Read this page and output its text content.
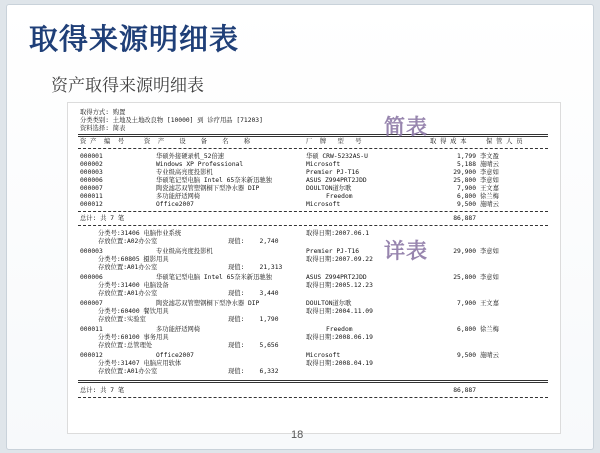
取得来源明细表
资产取得来源明细表
取得方式: 购置
分类类别: 土地及土地改良物 [10000] 到 诊疗用品 [71203]
资料选择: 简表
资 产  编  号	资  产    设    备    名    称	厂  牌   型   号	取 得 成 本	保 管 人 员
000001	华硕外接硬录机_52倍速	华硕 CRW-5232AS-U	1,799 李文盈
000002	Windows XP Professional	Microsoft	5,188 施晴云
000003	专业级高亮度投影机	Premier PJ-T16	29,900 李意如
000006	华硕笔记型电脑 Intel 65奈米新迅驰独	ASUS Z994PRT2JDD	25,800 李意如
000007	陶瓷滤芯双管塑钢桐下型净水器 DIP	DOULTON道尔歌	7,900 王文嘉
000011	多功能舒适网椅	Freedom	6,800 徐兰梅
000012	Office2007	Microsoft	9,500 施晴云
总计: 共 7 笔	86,887
分类号:31406 电脑作业系统	取得日期:2007.06.1
存放位置:A02办公室	现值:    2,740
000003	专业级高亮度投影机	Premier PJ-T16	29,900 李意如
分类号:60805 摄影用具	取得日期:2007.09.22
存放位置:A01办公室	现值:    21,313
000006	华硕笔记型电脑 Intel 65奈米新迅驰独	ASUS Z994PRT2JDD	25,800 李意如
分类号:31400 电脑设备	取得日期:2005.12.23
存放位置:A01办公室	现值:    3,440
000007	陶瓷滤芯双管塑钢桐下型净水器 DIP	DOULTON道尔歌	7,900 王文嘉
分类号:60400 餐饮用具	取得日期:2004.11.09
存放位置:实验室	现值:    1,790
000011	多功能舒适网椅	Freedom	6,800 徐兰梅
分类号:60100 事务用具	取得日期:2008.06.19
存放位置:总管理处	现值:    5,656
000012	Office2007	Microsoft	9,500 施晴云
分类号:31407 电脑应用软体	取得日期:2008.04.19
存放位置:A01办公室	现值:    6,332
总计: 共 7 笔	86,887
简表
详表
18
